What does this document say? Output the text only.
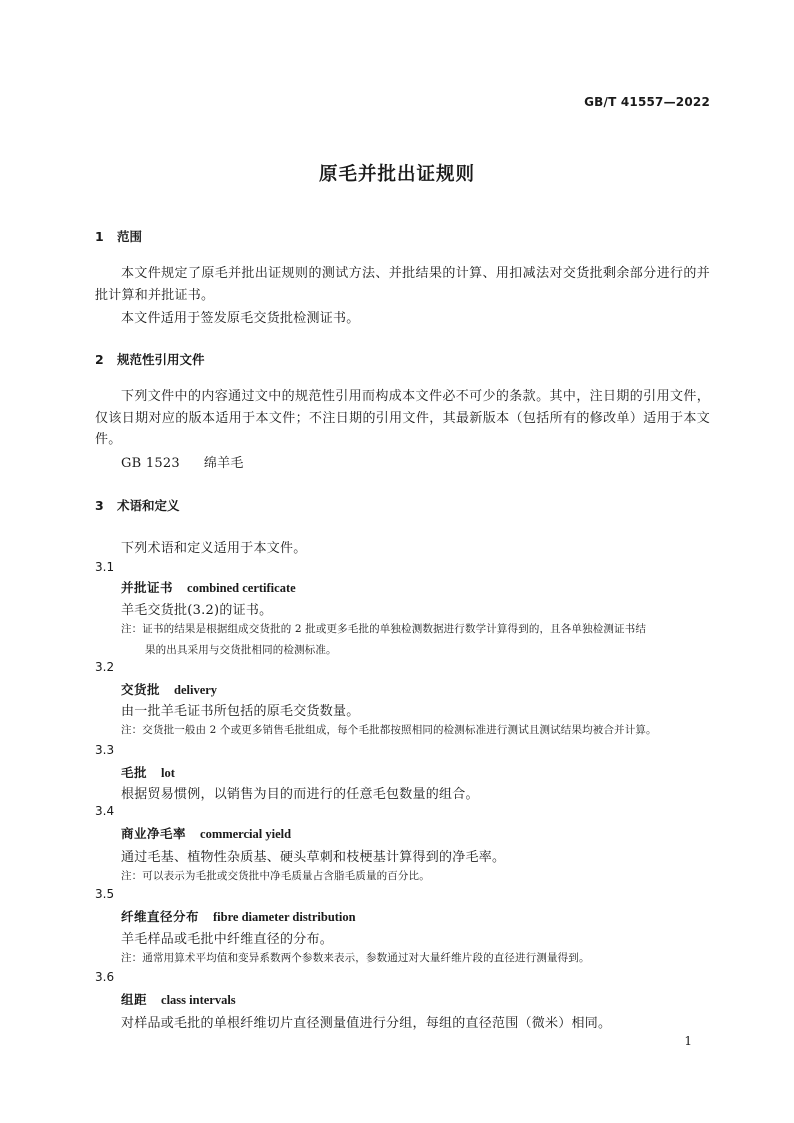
GB/T 41557—2022
原毛并批出证规则
1 范围
本文件规定了原毛并批出证规则的测试方法、并批结果的计算、用扣减法对交货批剩余部分进行的并批计算和并批证书。
本文件适用于签发原毛交货批检测证书。
2 规范性引用文件
下列文件中的内容通过文中的规范性引用而构成本文件必不可少的条款。其中，注日期的引用文件，仅该日期对应的版本适用于本文件；不注日期的引用文件，其最新版本（包括所有的修改单）适用于本文件。
GB 1523 绵羊毛
3 术语和定义
下列术语和定义适用于本文件。
3.1
并批证书 combined certificate
羊毛交货批(3.2)的证书。
注：证书的结果是根据组成交货批的 2 批或更多毛批的单独检测数据进行数学计算得到的，且各单独检测证书结
果的出具采用与交货批相同的检测标准。
3.2
交货批 delivery
由一批羊毛证书所包括的原毛交货数量。
注：交货批一般由 2 个或更多销售毛批组成，每个毛批都按照相同的检测标准进行测试且测试结果均被合并计算。
3.3
毛批 lot
根据贸易惯例，以销售为目的而进行的任意毛包数量的组合。
3.4
商业净毛率 commercial yield
通过毛基、植物性杂质基、硬头草刺和枝梗基计算得到的净毛率。
注：可以表示为毛批或交货批中净毛质量占含脂毛质量的百分比。
3.5
纤维直径分布 fibre diameter distribution
羊毛样品或毛批中纤维直径的分布。
注：通常用算术平均值和变异系数两个参数来表示，参数通过对大量纤维片段的直径进行测量得到。
3.6
组距 class intervals
对样品或毛批的单根纤维切片直径测量值进行分组，每组的直径范围（微米）相同。
1
